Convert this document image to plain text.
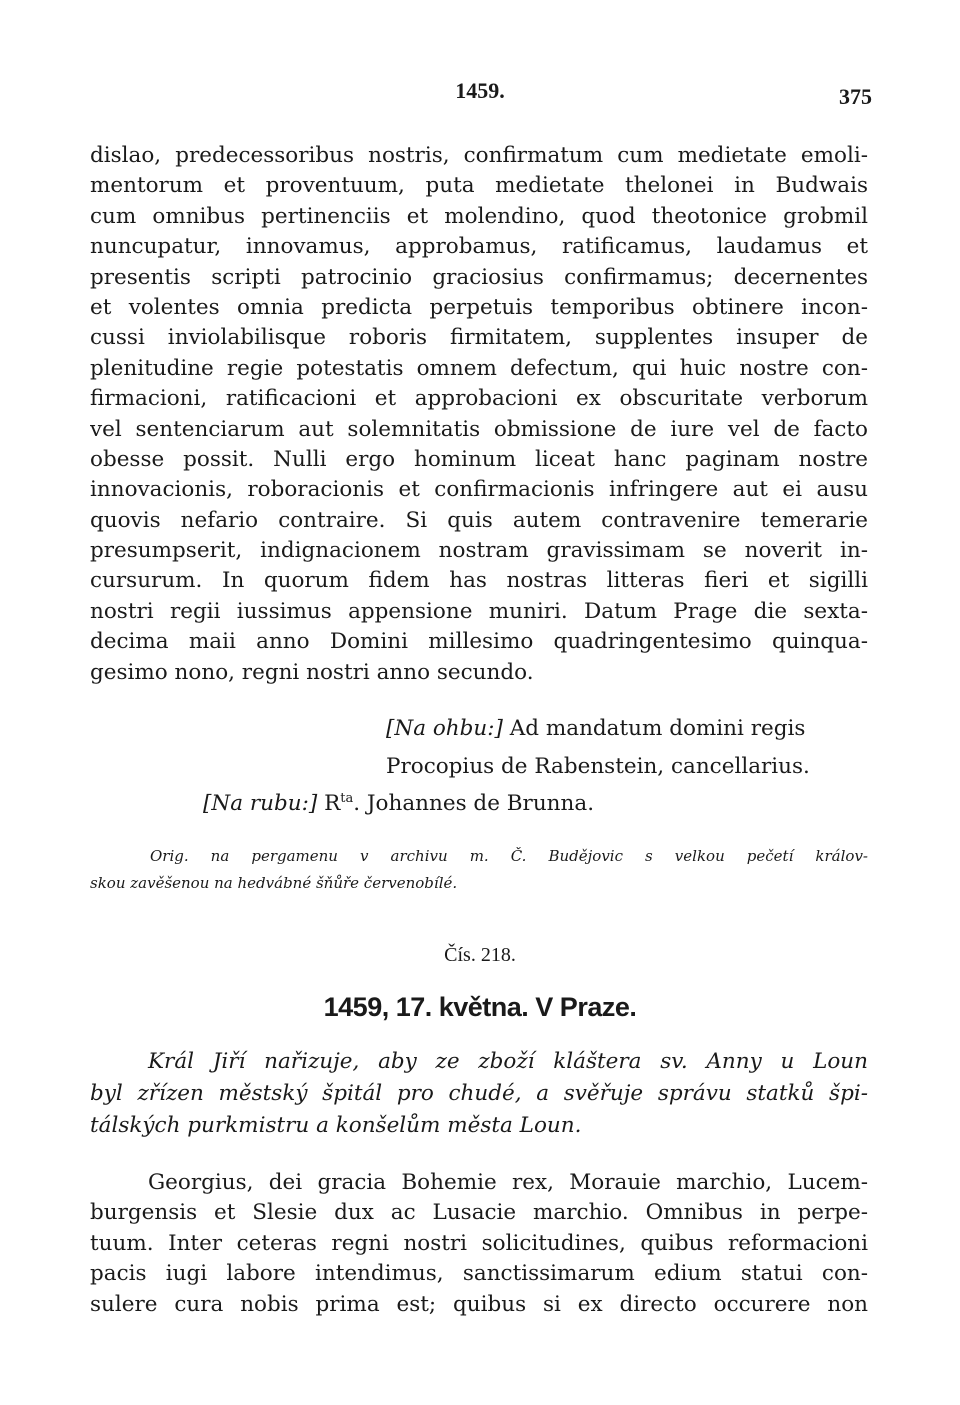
1459.	375
dislao, predecessoribus nostris, confirmatum cum medietate emoli-
mentorum et proventuum, puta medietate thelonei in Budwais
cum omnibus pertinenciis et molendino, quod theotonice grobmil
nuncupatur, innovamus, approbamus, ratificamus, laudamus et
presentis scripti patrocinio graciosius confirmamus; decernentes
et volentes omnia predicta perpetuis temporibus obtinere incon-
cussi inviolabilisque roboris firmitatem, supplentes insuper de
plenitudine regie potestatis omnem defectum, qui huic nostre con-
firmacioni, ratificacioni et approbacioni ex obscuritate verborum
vel sentenciarum aut solemnitatis obmissione de iure vel de facto
obesse possit. Nulli ergo hominum liceat hanc paginam nostre
innovacionis, roboracionis et confirmacionis infringere aut ei ausu
quovis nefario contraire. Si quis autem contravenire temerarie
presumpserit, indignacionem nostram gravissimam se noverit in-
cursurum. In quorum fidem has nostras litteras fieri et sigilli
nostri regii iussimus appensione muniri. Datum Prage die sexta-
decima maii anno Domini millesimo quadringentesimo quinqua-
gesimo nono, regni nostri anno secundo.
[Na ohbu:] Ad mandatum domini regis
Procopius de Rabenstein, cancellarius.
[Na rubu:] $R^{ta}$. Johannes de Brunna.
Orig. na pergamenu v archivu m. Č. Budějovic s velkou pečetí králov-
skou zavěšenou na hedvábné šňůře červenobílé.
Čís. 218.
1459, 17. května. V Praze.
Král Jiří nařizuje, aby ze zboží kláštera sv. Anny u Loun
byl zřízen městský špitál pro chudé, a svěřuje správu statků špi-
tálských purkmistru a konšelům města Loun.
Georgius, dei gracia Bohemie rex, Morauie marchio, Lucem-
burgensis et Slesie dux ac Lusacie marchio. Omnibus in perpe-
tuum. Inter ceteras regni nostri solicitudines, quibus reformacioni
pacis iugi labore intendimus, sanctissimarum edium statui con-
sulere cura nobis prima est; quibus si ex directo occurere non
